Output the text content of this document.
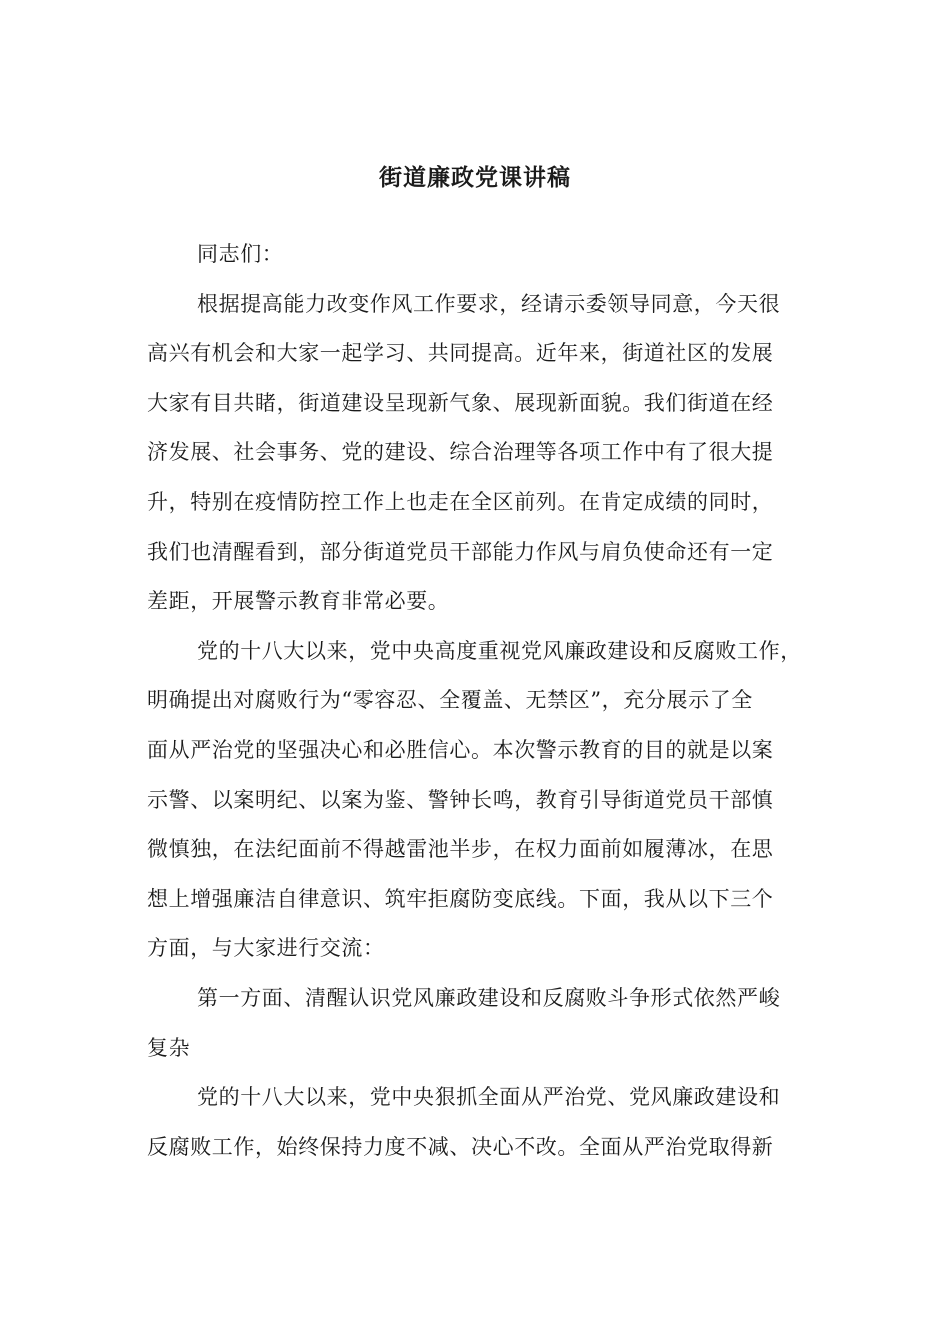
街道廉政党课讲稿
同志们：
根据提高能力改变作风工作要求，经请示委领导同意，今天很
高兴有机会和大家一起学习、共同提高。近年来，街道社区的发展
大家有目共睹，街道建设呈现新气象、展现新面貌。我们街道在经
济发展、社会事务、党的建设、综合治理等各项工作中有了很大提
升，特别在疫情防控工作上也走在全区前列。在肯定成绩的同时，
我们也清醒看到，部分街道党员干部能力作风与肩负使命还有一定
差距，开展警示教育非常必要。
党的十八大以来，党中央高度重视党风廉政建设和反腐败工作，
明确提出对腐败行为“零容忍、全覆盖、无禁区”，充分展示了全
面从严治党的坚强决心和必胜信心。本次警示教育的目的就是以案
示警、以案明纪、以案为鉴、警钟长鸣，教育引导街道党员干部慎
微慎独，在法纪面前不得越雷池半步，在权力面前如履薄冰，在思
想上增强廉洁自律意识、筑牢拒腐防变底线。下面，我从以下三个
方面，与大家进行交流：
第一方面、清醒认识党风廉政建设和反腐败斗争形式依然严峻
复杂
党的十八大以来，党中央狠抓全面从严治党、党风廉政建设和
反腐败工作，始终保持力度不减、决心不改。全面从严治党取得新
